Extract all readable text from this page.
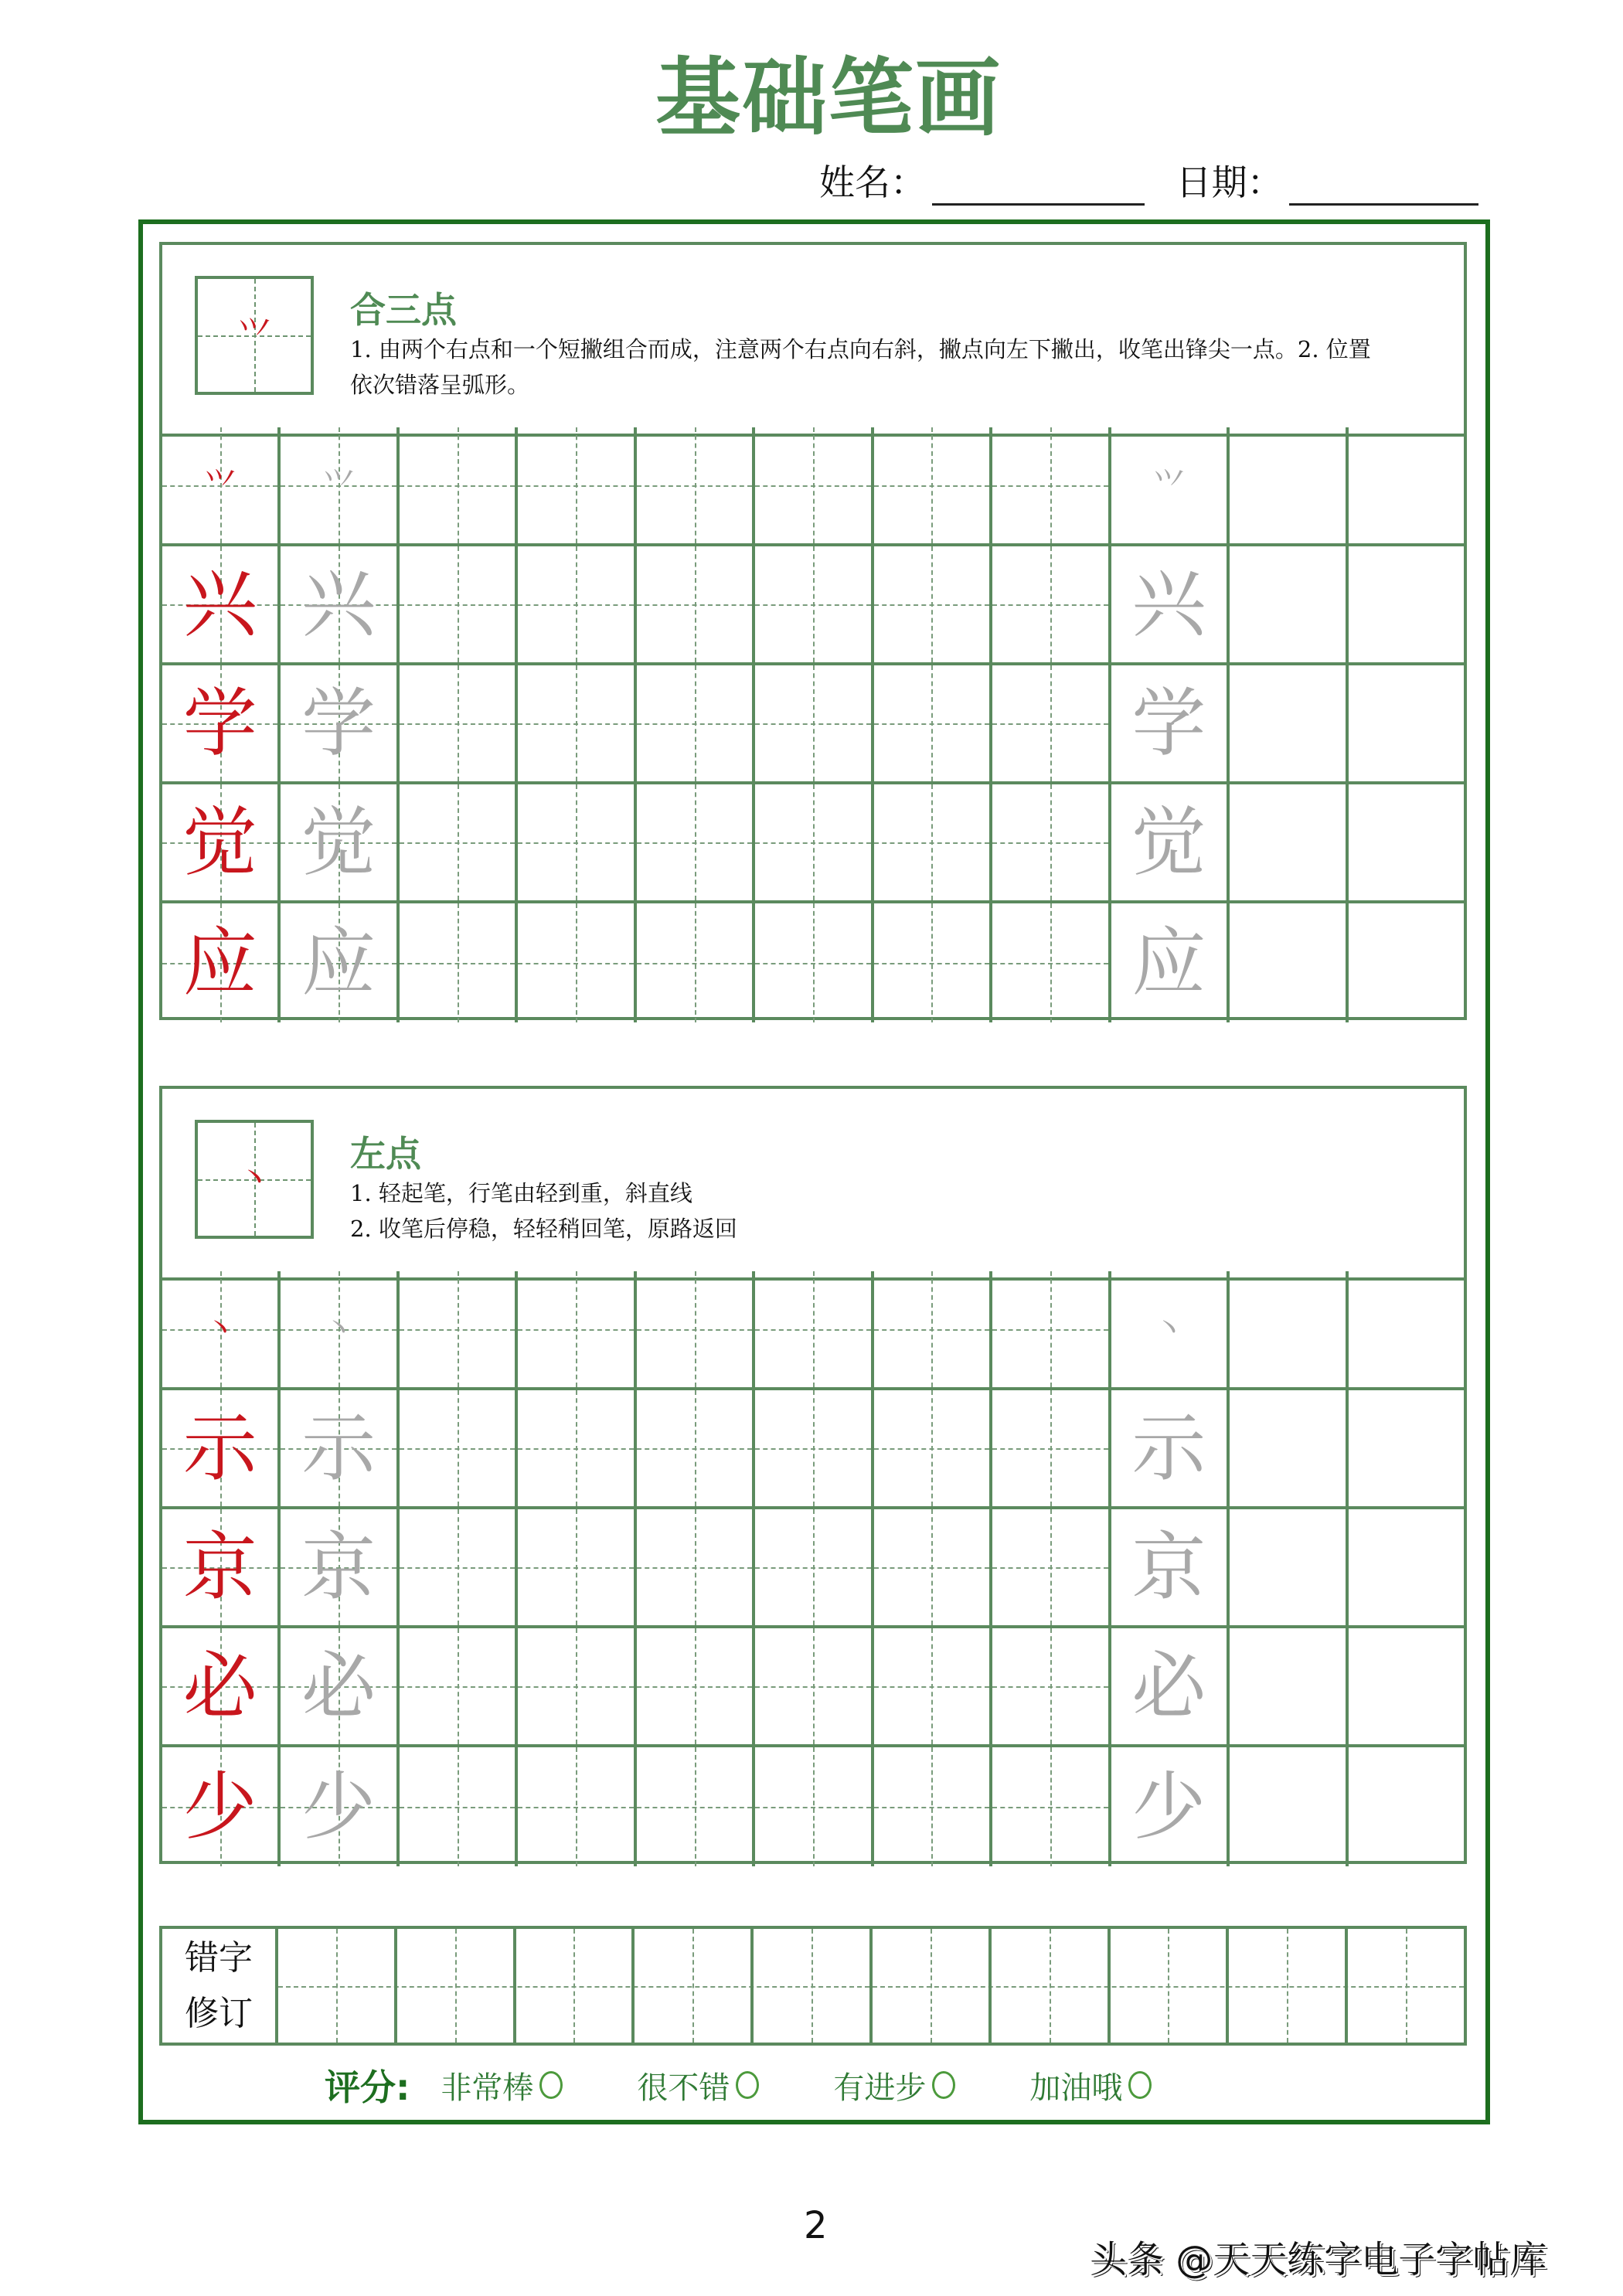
基础笔画
姓名：	日期：
⺍
合三点
1. 由两个右点和一个短撇组合而成，注意两个右点向右斜，撇点向左下撇出，收笔出锋尖一点。2. 位置依次错落呈弧形。
⺍	⺍	⺍
兴 兴	兴
学 学	学
觉 觉	觉
应 应	应
丶
左点
1. 轻起笔，行笔由轻到重，斜直线
2. 收笔后停稳，轻轻稍回笔，原路返回
丶	丶	丶
示 示	示
京 京	京
必 必	必
少 少	少
错字
修订
评分: 非常棒	很不错	有进步	加油哦
2
头条 @天天练字电子字帖库
